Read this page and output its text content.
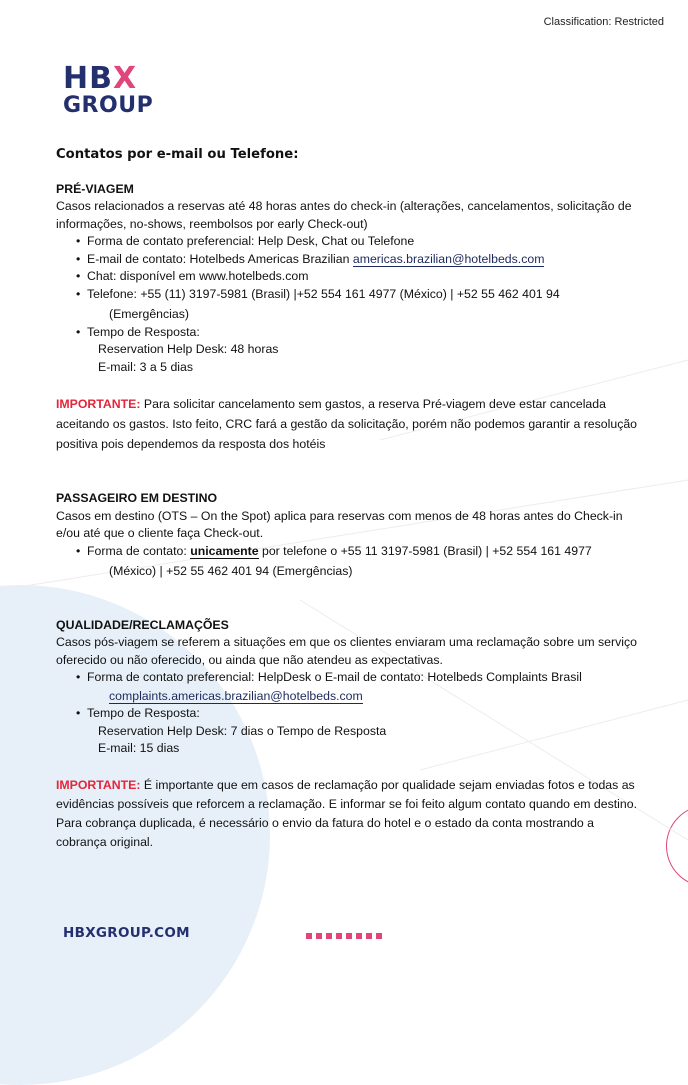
Classification: Restricted
HBX
GROUP
Contatos por e-mail ou Telefone:
PRÉ-VIAGEM

Casos relacionados a reservas até 48 horas antes do check-in (alterações, cancelamentos, solicitação de informações, no-shows, reembolsos por early Check-out)

• Forma de contato preferencial: Help Desk, Chat ou Telefone
• E-mail de contato: Hotelbeds Americas Brazilian americas.brazilian@hotelbeds.com
• Chat: disponível em www.hotelbeds.com
• Telefone: +55 (11) 3197-5981 (Brasil) |+52 554 161 4977 (México) | +52 55 462 401 94
(Emergências)
• Tempo de Resposta:

Reservation Help Desk: 48 horas

E-mail: 3 a 5 dias

IMPORTANTE: Para solicitar cancelamento sem gastos, a reserva Pré-viagem deve estar cancelada aceitando os gastos. Isto feito, CRC fará a gestão da solicitação, porém não podemos garantir a resolução positiva pois dependemos da resposta dos hotéis

PASSAGEIRO EM DESTINO

Casos em destino (OTS – On the Spot) aplica para reservas com menos de 48 horas antes do Check-in e/ou até que o cliente faça Check-out.

• Forma de contato: unicamente por telefone o +55 11 3197-5981 (Brasil) | +52 554 161 4977
(México) | +52 55 462 401 94 (Emergências)
QUALIDADE/RECLAMAÇÕES

Casos pós-viagem se referem a situações em que os clientes enviaram uma reclamação sobre um serviço oferecido ou não oferecido, ou ainda que não atendeu as expectativas.

• Forma de contato preferencial: HelpDesk o E-mail de contato: Hotelbeds Complaints Brasil
complaints.americas.brazilian@hotelbeds.com
• Tempo de Resposta:

Reservation Help Desk: 7 dias o Tempo de Resposta

E-mail: 15 dias

IMPORTANTE: É importante que em casos de reclamação por qualidade sejam enviadas fotos e todas as evidências possíveis que reforcem a reclamação. E informar se foi feito algum contato quando em destino. Para cobrança duplicada, é necessário o envio da fatura do hotel e o estado da conta mostrando a cobrança original.

HBXGROUP.COM
